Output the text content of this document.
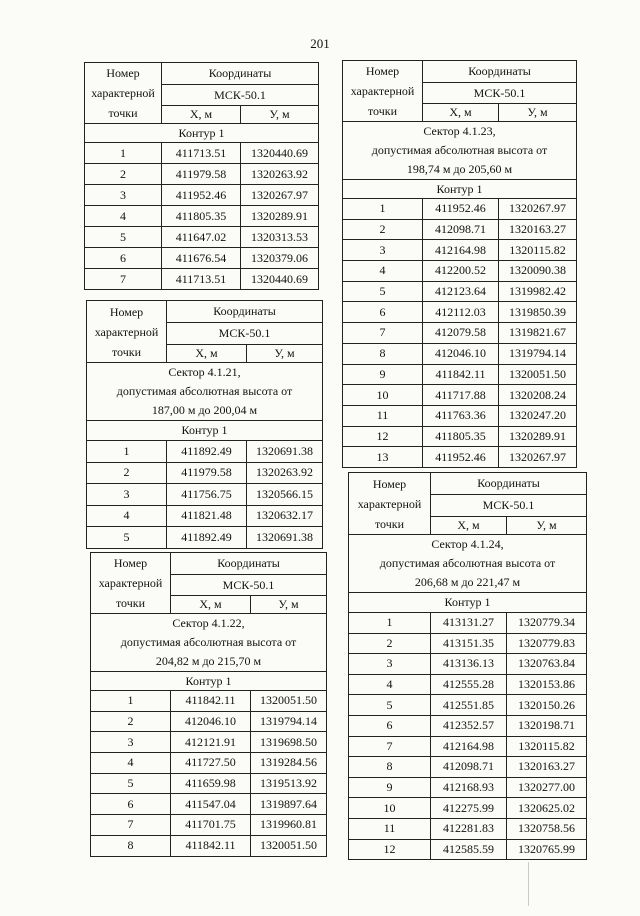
201
Номер
характерной
точки	Координаты	
	МСК-50.1	
	Х, м	У, м
Контур 1		
1	411713.51	1320440.69
2	411979.58	1320263.92
3	411952.46	1320267.97
4	411805.35	1320289.91
5	411647.02	1320313.53
6	411676.54	1320379.06
7	411713.51	1320440.69
Номер
характерной
точки	Координаты	
	МСК-50.1	
	Х, м	У, м
Сектор 4.1.21,
допустимая абсолютная высота от
187,00 м до 200,04 м		
Контур 1		
1	411892.49	1320691.38
2	411979.58	1320263.92
3	411756.75	1320566.15
4	411821.48	1320632.17
5	411892.49	1320691.38
Номер
характерной
точки	Координаты	
	МСК-50.1	
	Х, м	У, м
Сектор 4.1.22,
допустимая абсолютная высота от
204,82 м до 215,70 м		
Контур 1		
1	411842.11	1320051.50
2	412046.10	1319794.14
3	412121.91	1319698.50
4	411727.50	1319284.56
5	411659.98	1319513.92
6	411547.04	1319897.64
7	411701.75	1319960.81
8	411842.11	1320051.50
Номер
характерной
точки	Координаты	
	МСК-50.1	
	Х, м	У, м
Сектор 4.1.23,
допустимая абсолютная высота от
198,74 м до 205,60 м		
Контур 1		
1	411952.46	1320267.97
2	412098.71	1320163.27
3	412164.98	1320115.82
4	412200.52	1320090.38
5	412123.64	1319982.42
6	412112.03	1319850.39
7	412079.58	1319821.67
8	412046.10	1319794.14
9	411842.11	1320051.50
10	411717.88	1320208.24
11	411763.36	1320247.20
12	411805.35	1320289.91
13	411952.46	1320267.97
Номер
характерной
точки	Координаты	
	МСК-50.1	
	Х, м	У, м
Сектор 4.1.24,
допустимая абсолютная высота от
206,68 м до 221,47 м		
Контур 1		
1	413131.27	1320779.34
2	413151.35	1320779.83
3	413136.13	1320763.84
4	412555.28	1320153.86
5	412551.85	1320150.26
6	412352.57	1320198.71
7	412164.98	1320115.82
8	412098.71	1320163.27
9	412168.93	1320277.00
10	412275.99	1320625.02
11	412281.83	1320758.56
12	412585.59	1320765.99
